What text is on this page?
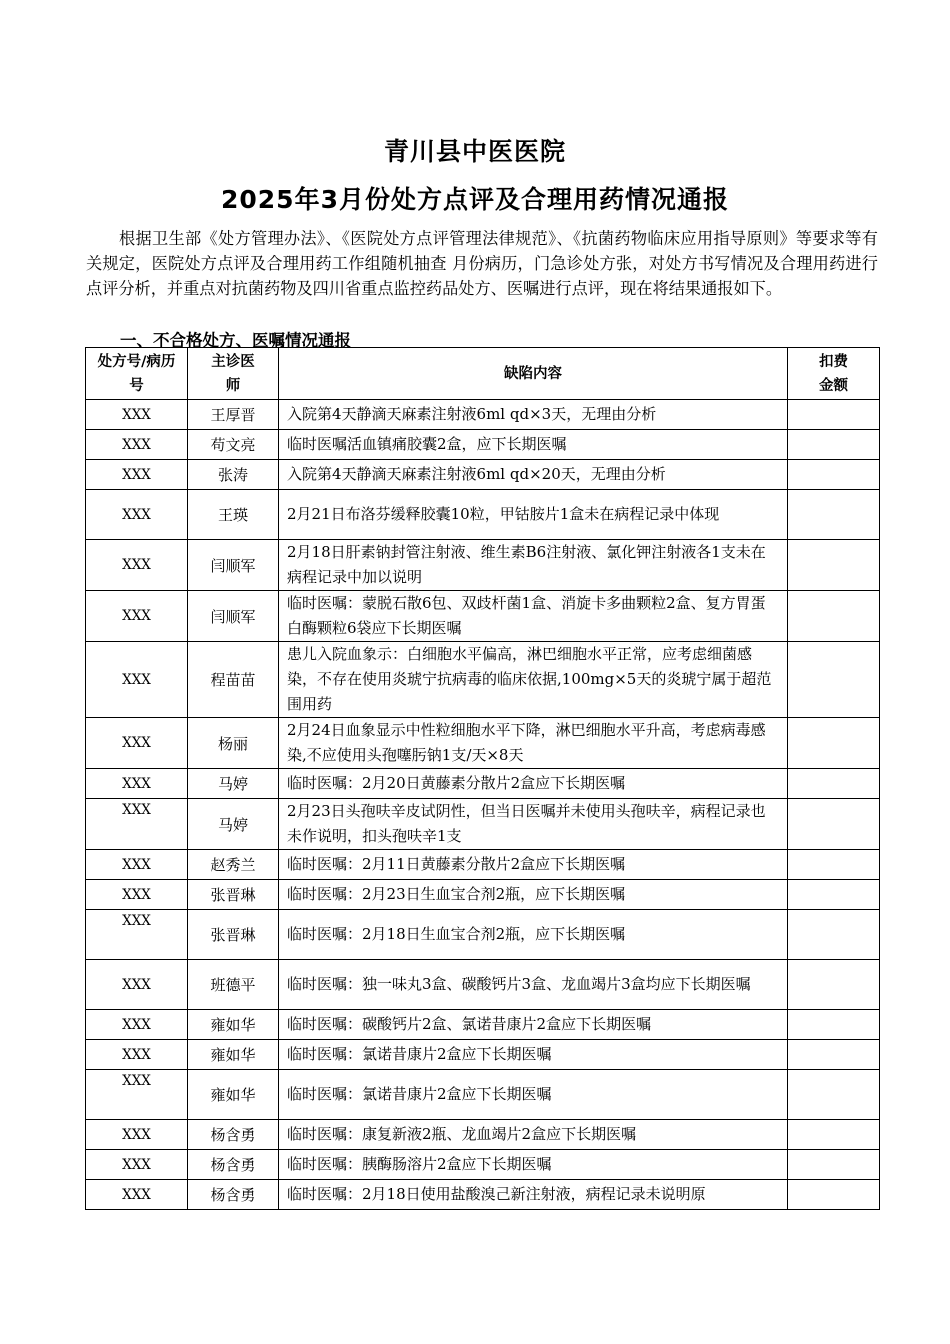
青川县中医医院
2025年3月份处方点评及合理用药情况通报

根据卫生部《处方管理办法》、《医院处方点评管理法律规范》、《抗菌药物临床应用指导原则》等要求等有关规定，医院处方点评及合理用药工作组随机抽查 月份病历，门急诊处方张，对处方书写情况及合理用药进行点评分析，并重点对抗菌药物及四川省重点监控药品处方、医嘱进行点评，现在将结果通报如下。

一、不合格处方、医嘱情况通报
处方号/病历号	主诊医师	缺陷内容	扣费金额
XXX	王厚晋	入院第4天静滴天麻素注射液6ml qd×3天，无理由分析	
XXX	苟文亮	临时医嘱活血镇痛胶囊2盒，应下长期医嘱	
XXX	张涛	入院第4天静滴天麻素注射液6ml qd×20天，无理由分析	
XXX	王瑛	2月21日布洛芬缓释胶囊10粒，甲钴胺片1盒未在病程记录中体现	
XXX	闫顺军	2月18日肝素钠封管注射液、维生素B6注射液、氯化钾注射液各1支未在病程记录中加以说明	
XXX	闫顺军	临时医嘱：蒙脱石散6包、双歧杆菌1盒、消旋卡多曲颗粒2盒、复方胃蛋白酶颗粒6袋应下长期医嘱	
XXX	程苗苗	患儿入院血象示：白细胞水平偏高，淋巴细胞水平正常，应考虑细菌感染，不存在使用炎琥宁抗病毒的临床依据,100mg×5天的炎琥宁属于超范围用药	
XXX	杨丽	2月24日血象显示中性粒细胞水平下降，淋巴细胞水平升高，考虑病毒感染,不应使用头孢噻肟钠1支/天×8天	
XXX	马婷	临时医嘱：2月20日黄藤素分散片2盒应下长期医嘱	
XXX	马婷	2月23日头孢呋辛皮试阴性，但当日医嘱并未使用头孢呋辛，病程记录也未作说明，扣头孢呋辛1支	
XXX	赵秀兰	临时医嘱：2月11日黄藤素分散片2盒应下长期医嘱	
XXX	张晋琳	临时医嘱：2月23日生血宝合剂2瓶，应下长期医嘱	
XXX	张晋琳	临时医嘱：2月18日生血宝合剂2瓶，应下长期医嘱	
XXX	班德平	临时医嘱：独一味丸3盒、碳酸钙片3盒、龙血竭片3盒均应下长期医嘱	
XXX	雍如华	临时医嘱：碳酸钙片2盒、氯诺昔康片2盒应下长期医嘱	
XXX	雍如华	临时医嘱：氯诺昔康片2盒应下长期医嘱	
XXX	雍如华	临时医嘱：氯诺昔康片2盒应下长期医嘱	
XXX	杨含勇	临时医嘱：康复新液2瓶、龙血竭片2盒应下长期医嘱	
XXX	杨含勇	临时医嘱：胰酶肠溶片2盒应下长期医嘱	
XXX	杨含勇	临时医嘱：2月18日使用盐酸溴己新注射液，病程记录未说明原	
